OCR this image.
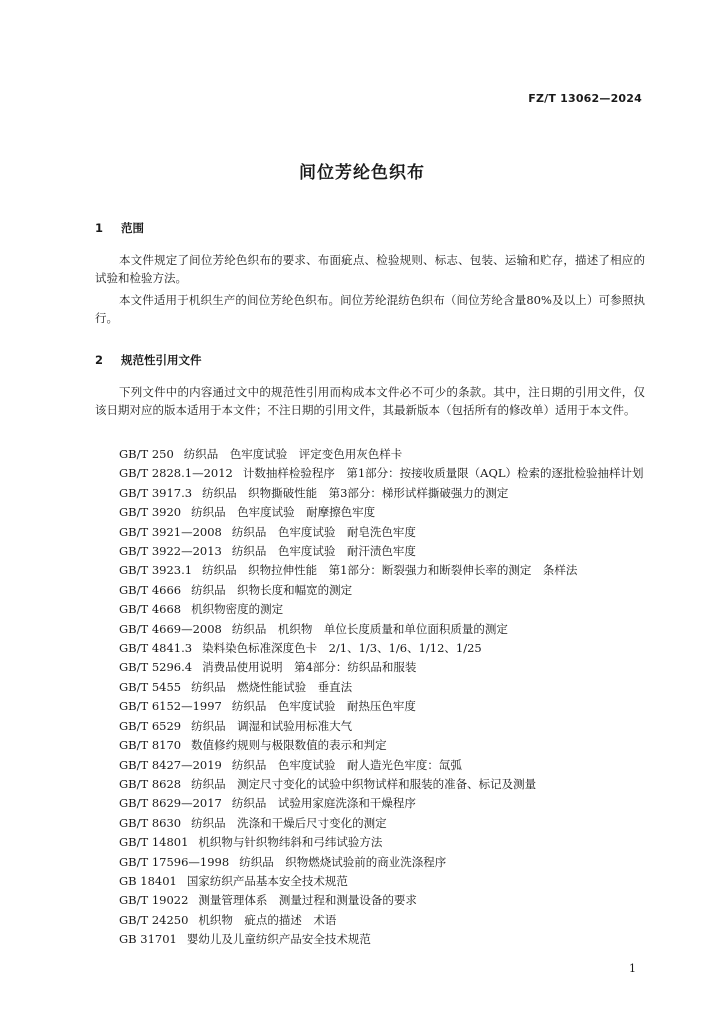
FZ/T 13062—2024
间位芳纶色织布
1 范围

本文件规定了间位芳纶色织布的要求、布面疵点、检验规则、标志、包装、运输和贮存，描述了相应的试验和检验方法。

本文件适用于机织生产的间位芳纶色织布。间位芳纶混纺色织布（间位芳纶含量80%及以上）可参照执行。

2 规范性引用文件

下列文件中的内容通过文中的规范性引用而构成本文件必不可少的条款。其中，注日期的引用文件，仅该日期对应的版本适用于本文件；不注日期的引用文件，其最新版本（包括所有的修改单）适用于本文件。

GB/T 250 纺织品　色牢度试验　评定变色用灰色样卡
GB/T 2828.1—2012 计数抽样检验程序　第1部分：按接收质量限（AQL）检索的逐批检验抽样计划
GB/T 3917.3 纺织品　织物撕破性能　第3部分：梯形试样撕破强力的测定
GB/T 3920 纺织品　色牢度试验　耐摩擦色牢度
GB/T 3921—2008 纺织品　色牢度试验　耐皂洗色牢度
GB/T 3922—2013 纺织品　色牢度试验　耐汗渍色牢度
GB/T 3923.1 纺织品　织物拉伸性能　第1部分：断裂强力和断裂伸长率的测定　条样法
GB/T 4666 纺织品　织物长度和幅宽的测定
GB/T 4668 机织物密度的测定
GB/T 4669—2008 纺织品　机织物　单位长度质量和单位面积质量的测定
GB/T 4841.3 染料染色标准深度色卡　2/1、1/3、1/6、1/12、1/25
GB/T 5296.4 消费品使用说明　第4部分：纺织品和服装
GB/T 5455 纺织品　燃烧性能试验　垂直法
GB/T 6152—1997 纺织品　色牢度试验　耐热压色牢度
GB/T 6529 纺织品　调湿和试验用标准大气
GB/T 8170 数值修约规则与极限数值的表示和判定
GB/T 8427—2019 纺织品　色牢度试验　耐人造光色牢度：氙弧
GB/T 8628 纺织品　测定尺寸变化的试验中织物试样和服装的准备、标记及测量
GB/T 8629—2017 纺织品　试验用家庭洗涤和干燥程序
GB/T 8630 纺织品　洗涤和干燥后尺寸变化的测定
GB/T 14801 机织物与针织物纬斜和弓纬试验方法
GB/T 17596—1998 纺织品　织物燃烧试验前的商业洗涤程序
GB 18401 国家纺织产品基本安全技术规范
GB/T 19022 测量管理体系　测量过程和测量设备的要求
GB/T 24250 机织物　疵点的描述　术语
GB 31701 婴幼儿及儿童纺织产品安全技术规范
1
